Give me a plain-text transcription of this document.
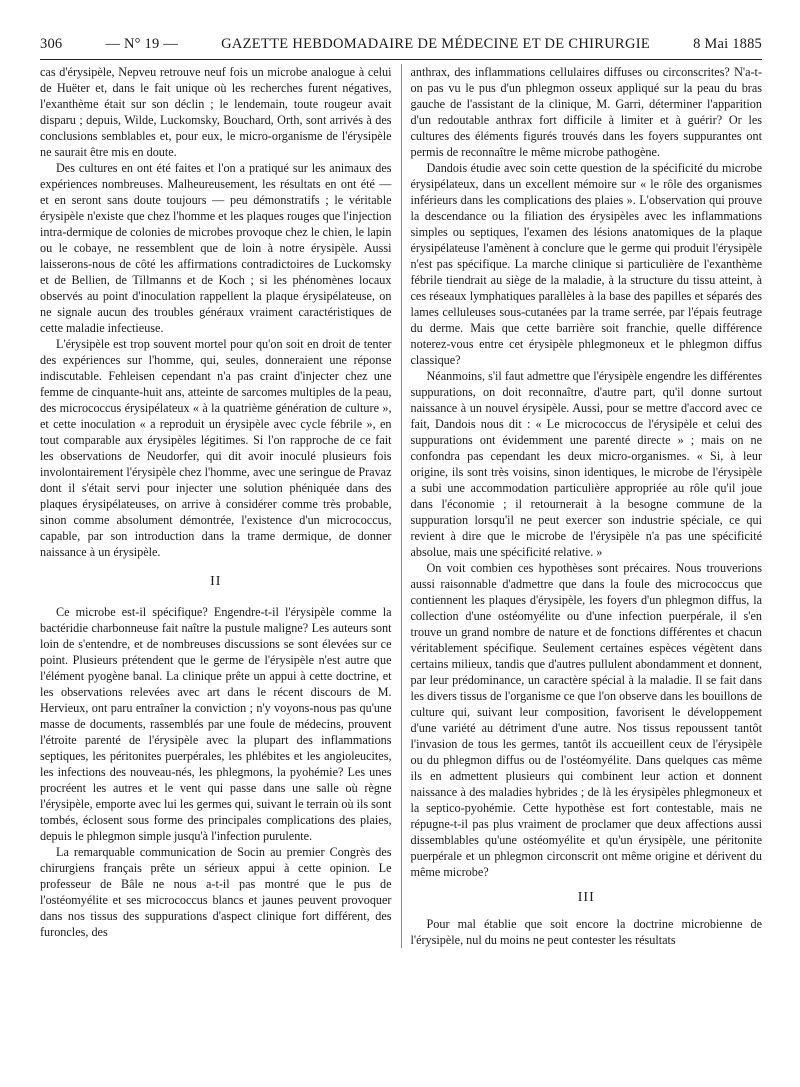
306	— N° 19 —	GAZETTE HEBDOMADAIRE DE MÉDECINE ET DE CHIRURGIE	8 Mai 1885

cas d'érysipèle, Nepveu retrouve neuf fois un microbe analogue à celui de Huëter et, dans le fait unique où les recherches furent négatives, l'exanthème était sur son déclin ; le lendemain, toute rougeur avait disparu ; depuis, Wilde, Luckomsky, Bouchard, Orth, sont arrivés à des conclusions semblables et, pour eux, le micro-organisme de l'érysipèle ne saurait être mis en doute.

Des cultures en ont été faites et l'on a pratiqué sur les animaux des expériences nombreuses. Malheureusement, les résultats en ont été — et en seront sans doute toujours — peu démonstratifs ; le véritable érysipèle n'existe que chez l'homme et les plaques rouges que l'injection intra-dermique de colonies de microbes provoque chez le chien, le lapin ou le cobaye, ne ressemblent que de loin à notre érysipèle. Aussi laisserons-nous de côté les affirmations contradictoires de Luckomsky et de Bellien, de Tillmanns et de Koch ; si les phénomènes locaux observés au point d'inoculation rappellent la plaque érysipélateuse, on ne signale aucun des troubles généraux vraiment caractéristiques de cette maladie infectieuse.

L'érysipèle est trop souvent mortel pour qu'on soit en droit de tenter des expériences sur l'homme, qui, seules, donneraient une réponse indiscutable. Fehleisen cependant n'a pas craint d'injecter chez une femme de cinquante-huit ans, atteinte de sarcomes multiples de la peau, des micrococcus érysipélateux « à la quatrième génération de culture », et cette inoculation « a reproduit un érysipèle avec cycle fébrile », en tout comparable aux érysipèles légitimes. Si l'on rapproche de ce fait les observations de Neudorfer, qui dit avoir inoculé plusieurs fois involontairement l'érysipèle chez l'homme, avec une seringue de Pravaz dont il s'était servi pour injecter une solution phéniquée dans des plaques érysipélateuses, on arrive à considérer comme très probable, sinon comme absolument démontrée, l'existence d'un micrococcus, capable, par son introduction dans la trame dermique, de donner naissance à un érysipèle.

II

Ce microbe est-il spécifique? Engendre-t-il l'érysipèle comme la bactéridie charbonneuse fait naître la pustule maligne? Les auteurs sont loin de s'entendre, et de nombreuses discussions se sont élevées sur ce point. Plusieurs prétendent que le germe de l'érysipèle n'est autre que l'élément pyogène banal. La clinique prête un appui à cette doctrine, et les observations relevées avec art dans le récent discours de M. Hervieux, ont paru entraîner la conviction ; n'y voyons-nous pas qu'une masse de documents, rassemblés par une foule de médecins, prouvent l'étroite parenté de l'érysipèle avec la plupart des inflammations septiques, les péritonites puerpérales, les phlébites et les angioleucites, les infections des nouveau-nés, les phlegmons, la pyohémie? Les unes procréent les autres et le vent qui passe dans une salle où règne l'érysipèle, emporte avec lui les germes qui, suivant le terrain où ils sont tombés, éclosent sous forme des principales complications des plaies, depuis le phlegmon simple jusqu'à l'infection purulente.

La remarquable communication de Socin au premier Congrès des chirurgiens français prête un sérieux appui à cette opinion. Le professeur de Bâle ne nous a-t-il pas montré que le pus de l'ostéomyélite et ses micrococcus blancs et jaunes peuvent provoquer dans nos tissus des suppurations d'aspect clinique fort différent, des furoncles, des

anthrax, des inflammations cellulaires diffuses ou circonscrites? N'a-t-on pas vu le pus d'un phlegmon osseux appliqué sur la peau du bras gauche de l'assistant de la clinique, M. Garri, déterminer l'apparition d'un redoutable anthrax fort difficile à limiter et à guérir? Or les cultures des éléments figurés trouvés dans les foyers suppurantes ont permis de reconnaître le même microbe pathogène.

Dandois étudie avec soin cette question de la spécificité du microbe érysipélateux, dans un excellent mémoire sur « le rôle des organismes inférieurs dans les complications des plaies ». L'observation qui prouve la descendance ou la filiation des érysipèles avec les inflammations simples ou septiques, l'examen des lésions anatomiques de la plaque érysipélateuse l'amènent à conclure que le germe qui produit l'érysipèle n'est pas spécifique. La marche clinique si particulière de l'exanthème fébrile tiendrait au siège de la maladie, à la structure du tissu atteint, à ces réseaux lymphatiques parallèles à la base des papilles et séparés des lames celluleuses sous-cutanées par la trame serrée, par l'épais feutrage du derme. Mais que cette barrière soit franchie, quelle différence noterez-vous entre cet érysipèle phlegmoneux et le phlegmon diffus classique?

Néanmoins, s'il faut admettre que l'érysipèle engendre les différentes suppurations, on doit reconnaître, d'autre part, qu'il donne surtout naissance à un nouvel érysipèle. Aussi, pour se mettre d'accord avec ce fait, Dandois nous dit : « Le micrococcus de l'érysipèle et celui des suppurations ont évidemment une parenté directe » ; mais on ne confondra pas cependant les deux micro-organismes. « Si, à leur origine, ils sont très voisins, sinon identiques, le microbe de l'érysipèle a subi une accommodation particulière appropriée au rôle qu'il joue dans l'économie ; il retournerait à la besogne commune de la suppuration lorsqu'il ne peut exercer son industrie spéciale, ce qui revient à dire que le microbe de l'érysipèle n'a pas une spécificité absolue, mais une spécificité relative. »

On voit combien ces hypothèses sont précaires. Nous trouverions aussi raisonnable d'admettre que dans la foule des micrococcus que contiennent les plaques d'érysipèle, les foyers d'un phlegmon diffus, la collection d'une ostéomyélite ou d'une infection puerpérale, il s'en trouve un grand nombre de nature et de fonctions différentes et chacun véritablement spécifique. Seulement certaines espèces végètent dans certains milieux, tandis que d'autres pullulent abondamment et donnent, par leur prédominance, un caractère spécial à la maladie. Il se fait dans les divers tissus de l'organisme ce que l'on observe dans les bouillons de culture qui, suivant leur composition, favorisent le développement d'une variété au détriment d'une autre. Nos tissus repoussent tantôt l'invasion de tous les germes, tantôt ils accueillent ceux de l'érysipèle ou du phlegmon diffus ou de l'ostéomyélite. Dans quelques cas même ils en admettent plusieurs qui combinent leur action et donnent naissance à des maladies hybrides ; de là les érysipèles phlegmoneux et la septico-pyohémie. Cette hypothèse est fort contestable, mais ne répugne-t-il pas plus vraiment de proclamer que deux affections aussi dissemblables qu'une ostéomyélite et qu'un érysipèle, une péritonite puerpérale et un phlegmon circonscrit ont même origine et dérivent du même microbe?

III

Pour mal établie que soit encore la doctrine microbienne de l'érysipèle, nul du moins ne peut contester les résultats
